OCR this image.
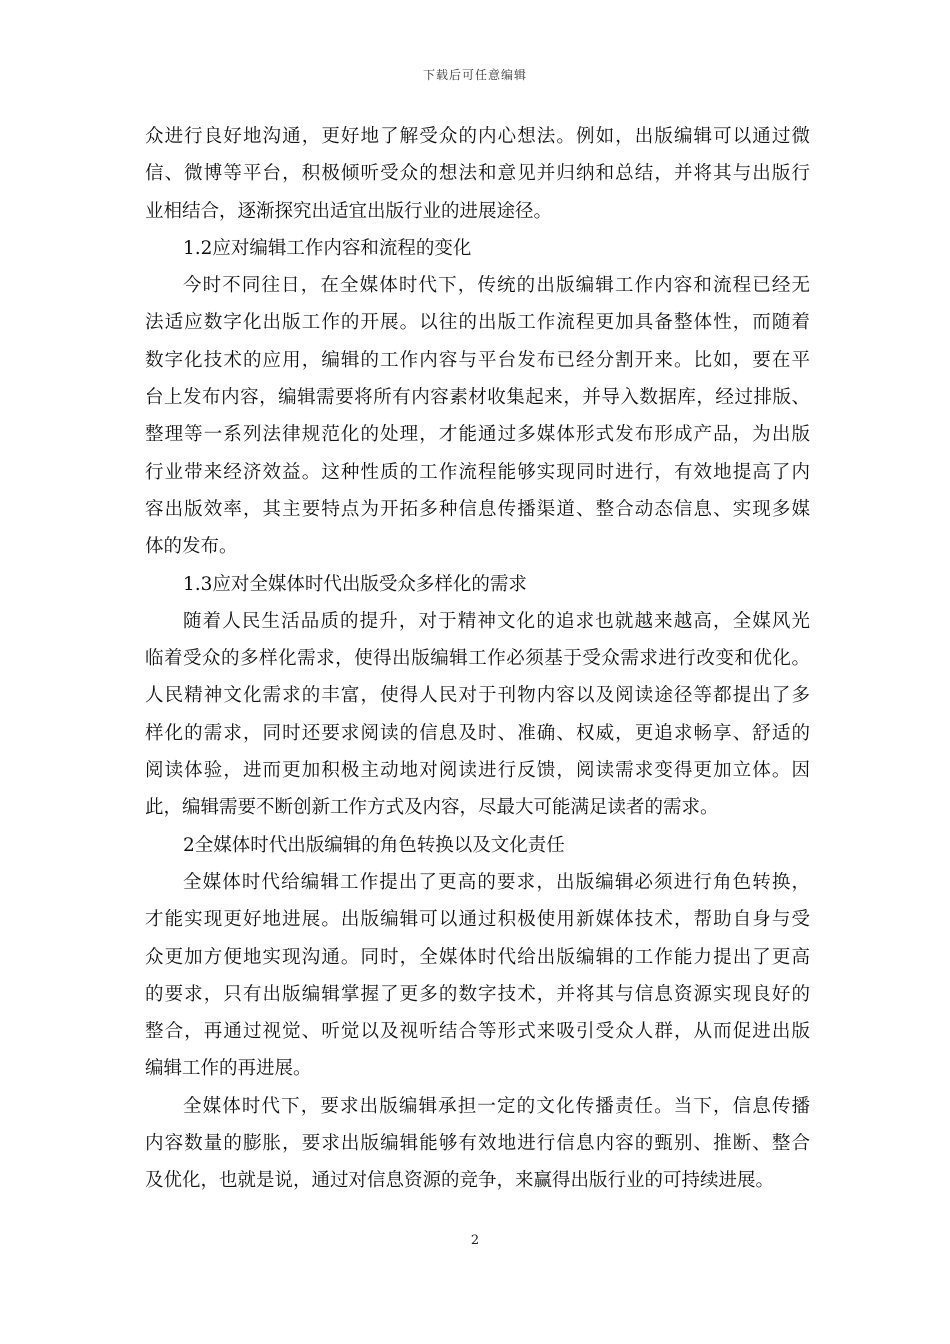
下载后可任意编辑
众进行良好地沟通，更好地了解受众的内心想法。例如，出版编辑可以通过微
信、微博等平台，积极倾听受众的想法和意见并归纳和总结，并将其与出版行
业相结合，逐渐探究出适宜出版行业的进展途径。
1.2应对编辑工作内容和流程的变化
今时不同往日，在全媒体时代下，传统的出版编辑工作内容和流程已经无
法适应数字化出版工作的开展。以往的出版工作流程更加具备整体性，而随着
数字化技术的应用，编辑的工作内容与平台发布已经分割开来。比如，要在平
台上发布内容，编辑需要将所有内容素材收集起来，并导入数据库，经过排版、
整理等一系列法律规范化的处理，才能通过多媒体形式发布形成产品，为出版
行业带来经济效益。这种性质的工作流程能够实现同时进行，有效地提高了内
容出版效率，其主要特点为开拓多种信息传播渠道、整合动态信息、实现多媒
体的发布。
1.3应对全媒体时代出版受众多样化的需求
随着人民生活品质的提升，对于精神文化的追求也就越来越高，全媒风光
临着受众的多样化需求，使得出版编辑工作必须基于受众需求进行改变和优化。
人民精神文化需求的丰富，使得人民对于刊物内容以及阅读途径等都提出了多
样化的需求，同时还要求阅读的信息及时、准确、权威，更追求畅享、舒适的
阅读体验，进而更加积极主动地对阅读进行反馈，阅读需求变得更加立体。因
此，编辑需要不断创新工作方式及内容，尽最大可能满足读者的需求。
2全媒体时代出版编辑的角色转换以及文化责任
全媒体时代给编辑工作提出了更高的要求，出版编辑必须进行角色转换，
才能实现更好地进展。出版编辑可以通过积极使用新媒体技术，帮助自身与受
众更加方便地实现沟通。同时，全媒体时代给出版编辑的工作能力提出了更高
的要求，只有出版编辑掌握了更多的数字技术，并将其与信息资源实现良好的
整合，再通过视觉、听觉以及视听结合等形式来吸引受众人群，从而促进出版
编辑工作的再进展。
全媒体时代下，要求出版编辑承担一定的文化传播责任。当下，信息传播
内容数量的膨胀，要求出版编辑能够有效地进行信息内容的甄别、推断、整合
及优化，也就是说，通过对信息资源的竞争，来赢得出版行业的可持续进展。
2
